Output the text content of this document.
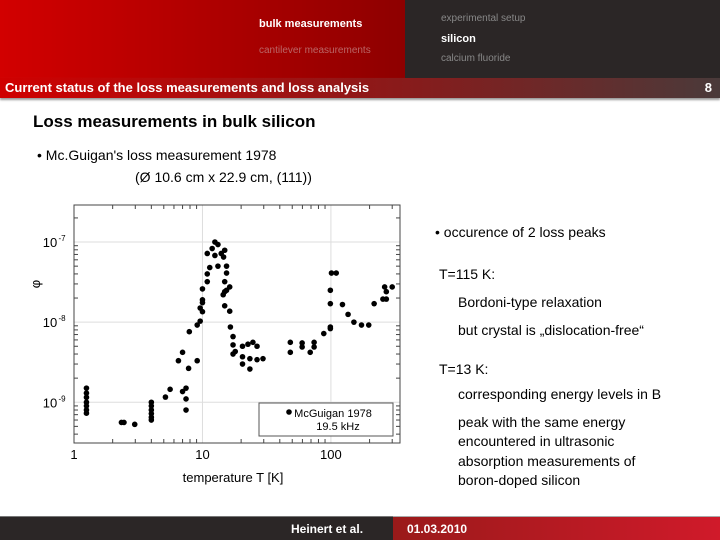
bulk measurements
cantilever measurements
experimental setup
silicon
calcium fluoride
Current status of the loss measurements and loss analysis	8
Loss measurements in bulk silicon
• Mc.Guigan's loss measurement 1978
(Ø 10.6 cm x 22.9 cm, (111))
1	10	100
10 -7
10 -8
10 -9
temperature T [K]
φ
McGuigan 1978
19.5 kHz
• occurence of 2 loss peaks
T=115 K:
Bordoni-type relaxation
but crystal is „dislocation-free“
T=13 K:
corresponding energy levels in B
peak with the same energy
encountered in ultrasonic
absorption measurements of
boron-doped silicon
Heinert et al.	01.03.2010
